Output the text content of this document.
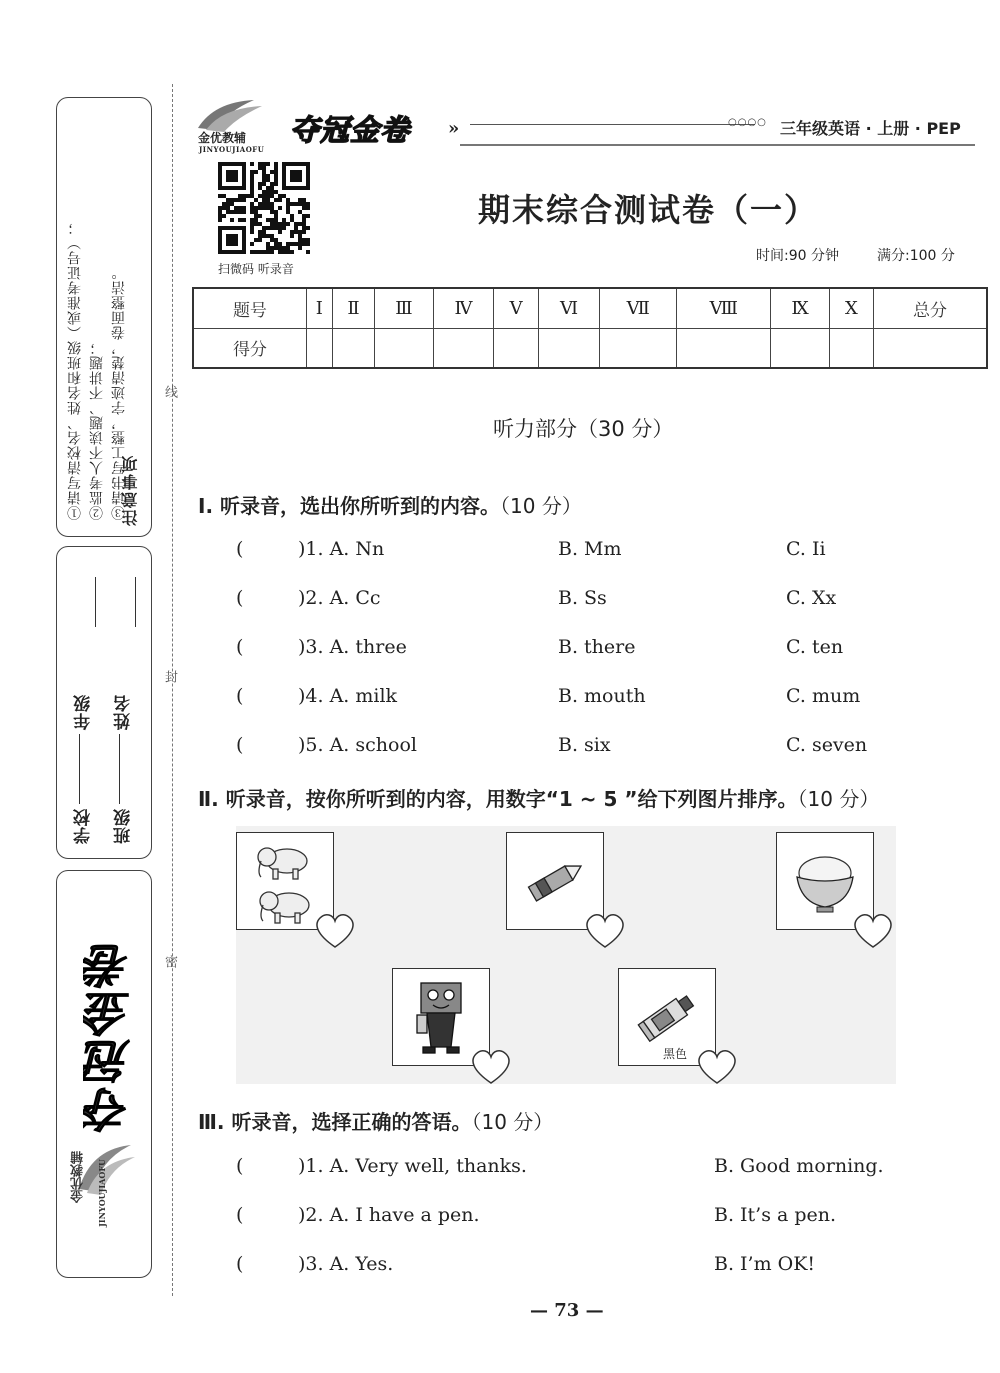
注意事项
①请写清校名、姓名和班级（或准考证号）； ②监考人不读题、不讲题； ③请书写工整，字迹清楚，卷面整洁。
学校年级
班级姓名
夺冠金卷
金优教辅 JINYOUJIAOFU
线
封
密
金优教辅
JINYOUJIAOFU
夺冠金卷 »	○○○○ 三年级英语 · 上册 · PEP
扫微码 听录音
期末综合测试卷（一）
时间:90 分钟	满分:100 分
题号	Ⅰ	Ⅱ	Ⅲ	Ⅳ	Ⅴ	Ⅵ	Ⅶ	Ⅷ	Ⅸ	Ⅹ	总分
得分											
听力部分（30 分）
Ⅰ. 听录音，选出你所听到的内容。（10 分）
(	)1. A. Nn	B. Mm	C. Ii
(	)2. A. Cc	B. Ss	C. Xx
(	)3. A. three	B. there	C. ten
(	)4. A. milk	B. mouth	C. mum
(	)5. A. school	B. six	C. seven
Ⅱ. 听录音，按你所听到的内容，用数字“1 ~ 5 ”给下列图片排序。（10 分）
黑色
Ⅲ. 听录音，选择正确的答语。（10 分）
(	)1. A. Very well, thanks.	B. Good morning.
(	)2. A. I have a pen.	B. It’s a pen.
(	)3. A. Yes.	B. I’m OK!
— 73 —
